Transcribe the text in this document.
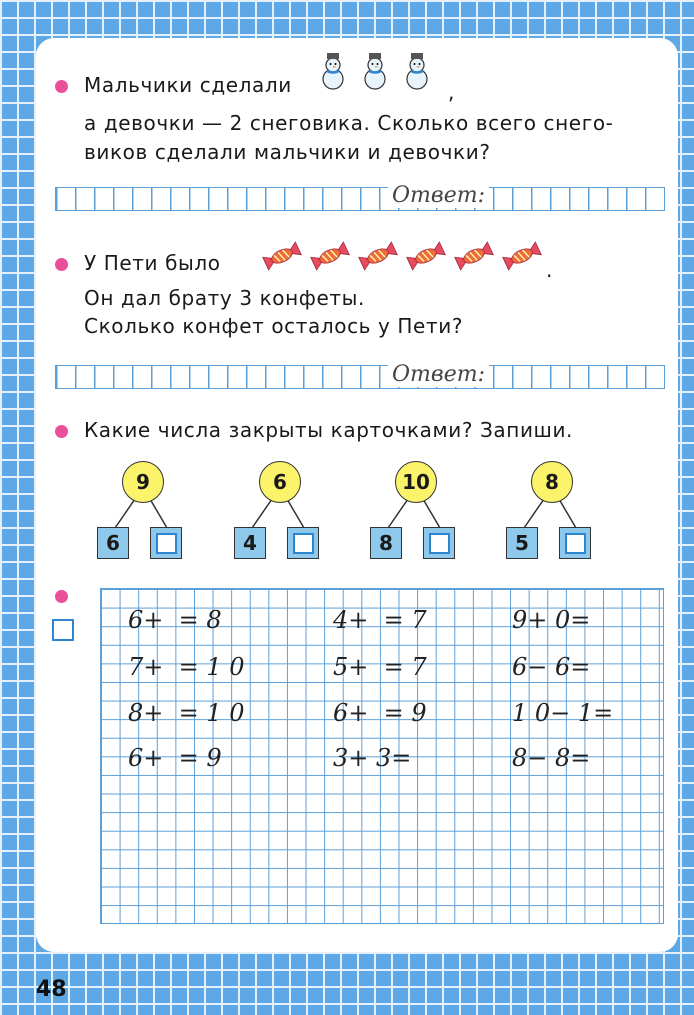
Мальчики сделали	,
а девочки — 2 снеговика. Сколько всего снего-
виков сделали мальчики и девочки?
Ответ:
У Пети было	.
Он дал брату 3 конфеты.
Сколько конфет осталось у Пети?
Ответ:
Какие числа закрыты карточками? Запиши.
9
6
6
4
10
8
8
5
6+  = 8
7+  = 1 0
8+  = 1 0
6+  = 9
4+  = 7
5+  = 7
6+  = 9
3+ 3=
9+ 0=
6− 6=
1 0− 1=
8− 8=
48
